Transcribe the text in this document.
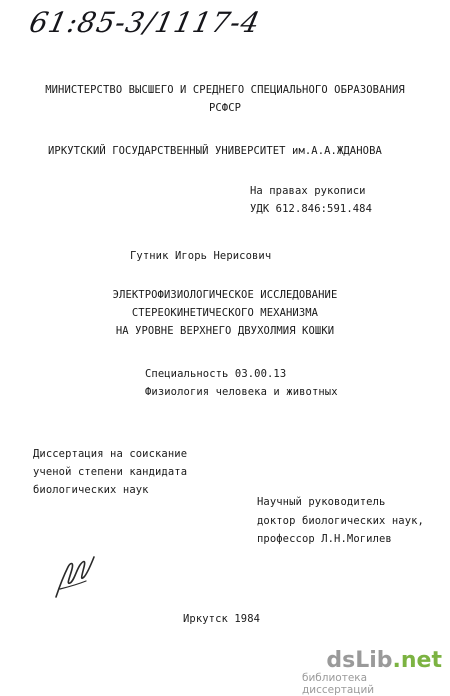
61:85-3/1117-4
МИНИСТЕРСТВО ВЫСШЕГО И СРЕДНЕГО СПЕЦИАЛЬНОГО ОБРАЗОВАНИЯ
РСФСР
ИРКУТСКИЙ ГОСУДАРСТВЕННЫЙ УНИВЕРСИТЕТ им.А.А.ЖДАНОВА
На правах рукописи
УДК 612.846:591.484
Гутник Игорь Нерисович
ЭЛЕКТРОФИЗИОЛОГИЧЕСКОЕ ИССЛЕДОВАНИЕ
СТЕРЕОКИНЕТИЧЕСКОГО МЕХАНИЗМА
НА УРОВНЕ ВЕРХНЕГО ДВУХОЛМИЯ КОШКИ
Специальность 03.00.13
Физиология человека и животных
Диссертация на соискание
ученой степени кандидата
биологических наук
Научный руководитель
доктор биологических наук,
профессор Л.Н.Могилев
Иркутск 1984
dsLib.net
библиотека диссертаций
